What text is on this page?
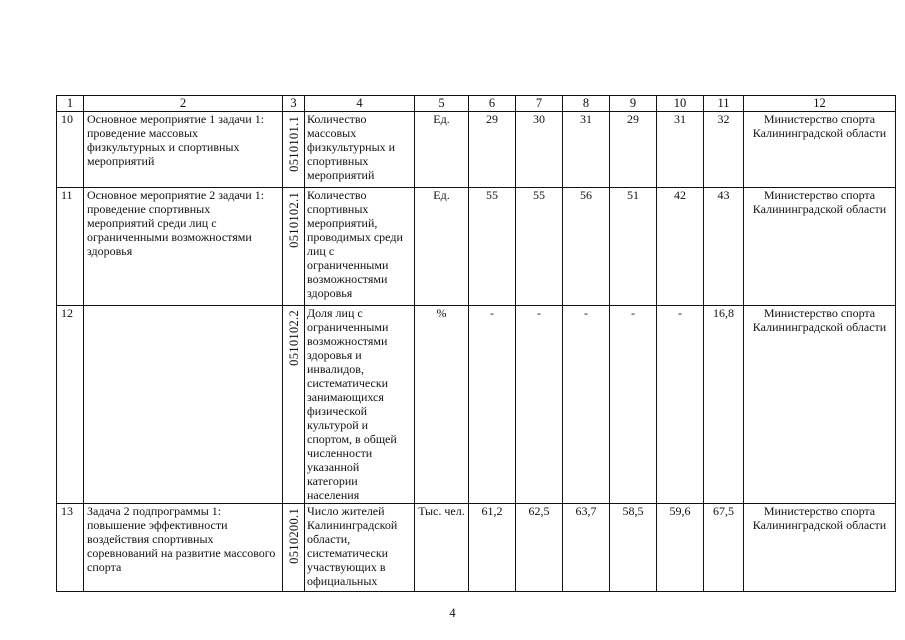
1	2	3	4	5	6	7	8	9	10	11	12
10	Основное мероприятие 1 задачи 1: проведение массовых физкультурных и спортивных мероприятий	0510101.1	Количество массовых физкультурных и спортивных мероприятий	Ед.	29	30	31	29	31	32	Министерство спорта Калининградской области
11	Основное мероприятие 2 задачи 1: проведение спортивных мероприятий среди лиц с ограниченными возможностями здоровья	0510102.1	Количество спортивных мероприятий, проводимых среди лиц с ограниченными возможностями здоровья	Ед.	55	55	56	51	42	43	Министерство спорта Калининградской области
12		0510102.2	Доля лиц с ограниченными возможностями здоровья и инвалидов, систематически занимающихся физической культурой и спортом, в общей численности указанной категории населения	%	-	-	-	-	-	16,8	Министерство спорта Калининградской области
13	Задача 2 подпрограммы 1: повышение эффективности воздействия спортивных соревнований на развитие массового спорта	0510200.1	Число жителей Калининградской области, систематически участвующих в официальных	Тыс. чел.	61,2	62,5	63,7	58,5	59,6	67,5	Министерство спорта Калининградской области
4
